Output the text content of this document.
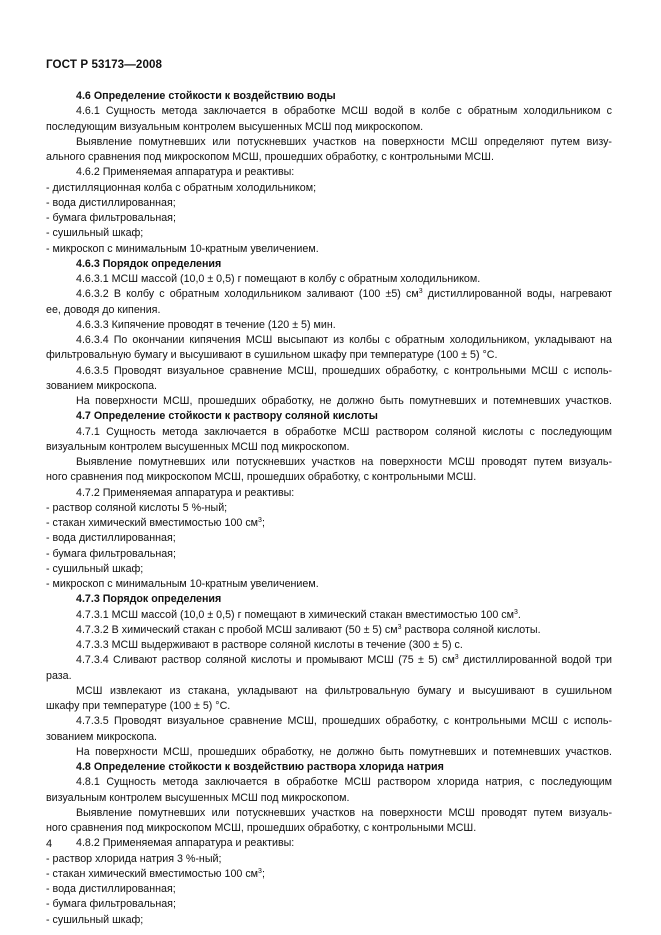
ГОСТ Р 53173—2008
4.6 Определение стойкости к воздействию воды
4.6.1 Сущность метода заключается в обработке МСШ водой в колбе с обратным холодильником с
последующим визуальным контролем высушенных МСШ под микроскопом.
Выявление помутневших или потускневших участков на поверхности МСШ определяют путем визу-
ального сравнения под микроскопом МСШ, прошедших обработку, с контрольными МСШ.
4.6.2 Применяемая аппаратура и реактивы:
- дистилляционная колба с обратным холодильником;
- вода дистиллированная;
- бумага фильтровальная;
- сушильный шкаф;
- микроскоп с минимальным 10-кратным увеличением.
4.6.3 Порядок определения
4.6.3.1 МСШ массой (10,0 ± 0,5) г помещают в колбу с обратным холодильником.
4.6.3.2 В колбу с обратным холодильником заливают (100 ±5) $см^3$ дистиллированной воды, нагревают
ее, доводя до кипения.
4.6.3.3 Кипячение проводят в течение (120 ± 5) мин.
4.6.3.4 По окончании кипячения МСШ высыпают из колбы с обратным холодильником, укладывают на
фильтровальную бумагу и высушивают в сушильном шкафу при температуре (100 ± 5) °С.
4.6.3.5 Проводят визуальное сравнение МСШ, прошедших обработку, с контрольными МСШ с исполь-
зованием микроскопа.
На поверхности МСШ, прошедших обработку, не должно быть помутневших и потемневших участков.
4.7 Определение стойкости к раствору соляной кислоты
4.7.1 Сущность метода заключается в обработке МСШ раствором соляной кислоты с последующим
визуальным контролем высушенных МСШ под микроскопом.
Выявление помутневших или потускневших участков на поверхности МСШ проводят путем визуаль-
ного сравнения под микроскопом МСШ, прошедших обработку, с контрольными МСШ.
4.7.2 Применяемая аппаратура и реактивы:
- раствор соляной кислоты 5 %-ный;
- стакан химический вместимостью 100 $см^3$;
- вода дистиллированная;
- бумага фильтровальная;
- сушильный шкаф;
- микроскоп с минимальным 10-кратным увеличением.
4.7.3 Порядок определения
4.7.3.1 МСШ массой (10,0 ± 0,5) г помещают в химический стакан вместимостью 100 $см^3$.
4.7.3.2 В химический стакан с пробой МСШ заливают (50 ± 5) $см^3$ раствора соляной кислоты.
4.7.3.3 МСШ выдерживают в растворе соляной кислоты в течение (300 ± 5) с.
4.7.3.4 Сливают раствор соляной кислоты и промывают МСШ (75 ± 5) $см^3$ дистиллированной водой три
раза.
МСШ извлекают из стакана, укладывают на фильтровальную бумагу и высушивают в сушильном
шкафу при температуре (100 ± 5) °С.
4.7.3.5 Проводят визуальное сравнение МСШ, прошедших обработку, с контрольными МСШ с исполь-
зованием микроскопа.
На поверхности МСШ, прошедших обработку, не должно быть помутневших и потемневших участков.
4.8 Определение стойкости к воздействию раствора хлорида натрия
4.8.1 Сущность метода заключается в обработке МСШ раствором хлорида натрия, с последующим
визуальным контролем высушенных МСШ под микроскопом.
Выявление помутневших или потускневших участков на поверхности МСШ проводят путем визуаль-
ного сравнения под микроскопом МСШ, прошедших обработку, с контрольными МСШ.
4.8.2 Применяемая аппаратура и реактивы:
- раствор хлорида натрия 3 %-ный;
- стакан химический вместимостью 100 $см^3$;
- вода дистиллированная;
- бумага фильтровальная;
- сушильный шкаф;
4
